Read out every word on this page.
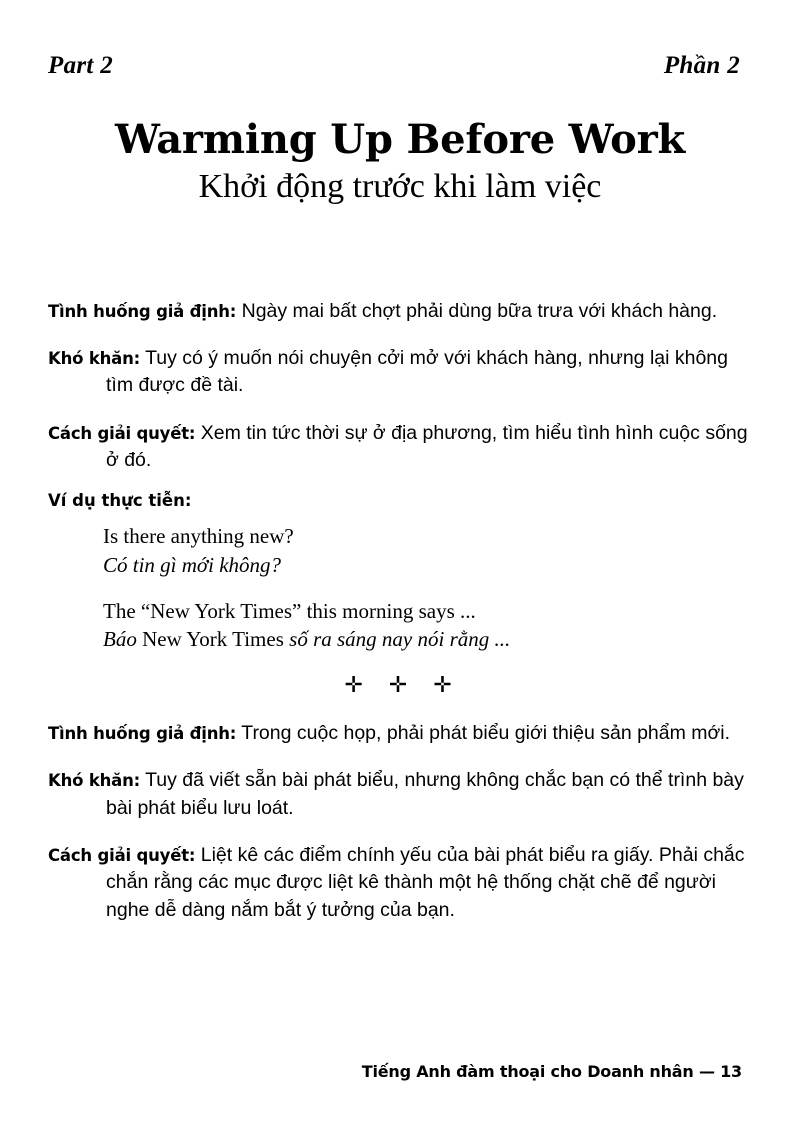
Part 2	Phần 2
Warming Up Before Work
Khởi động trước khi làm việc

Tình huống giả định: Ngày mai bất chợt phải dùng bữa trưa với khách hàng.

Khó khăn: Tuy có ý muốn nói chuyện cởi mở với khách hàng, nhưng lại không tìm được đề tài.

Cách giải quyết: Xem tin tức thời sự ở địa phương, tìm hiểu tình hình cuộc sống ở đó.

Ví dụ thực tiễn:
Is there anything new?
Có tin gì mới không?
The “New York Times” this morning says ...
Báo New York Times số ra sáng nay nói rằng ...
✛✛✛

Tình huống giả định: Trong cuộc họp, phải phát biểu giới thiệu sản phẩm mới.

Khó khăn: Tuy đã viết sẵn bài phát biểu, nhưng không chắc bạn có thể trình bày bài phát biểu lưu loát.

Cách giải quyết: Liệt kê các điểm chính yếu của bài phát biểu ra giấy. Phải chắc chắn rằng các mục được liệt kê thành một hệ thống chặt chẽ để người nghe dễ dàng nắm bắt ý tưởng của bạn.

Tiếng Anh đàm thoại cho Doanh nhân — 13
